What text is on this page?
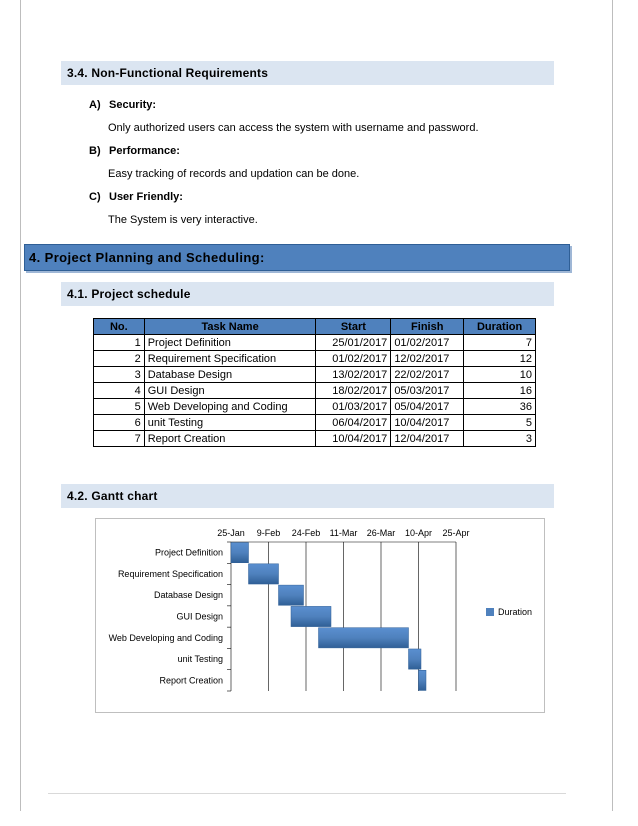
3.4. Non-Functional Requirements
A) Security:
Only authorized users can access the system with username and password.
B) Performance:
Easy tracking of records and updation can be done.
C) User Friendly:
The System is very interactive.
4. Project Planning and Scheduling:
4.1. Project schedule
No.	Task Name	Start	Finish	Duration
1	Project Definition	25/01/2017	01/02/2017	7
2	Requirement Specification	01/02/2017	12/02/2017	12
3	Database Design	13/02/2017	22/02/2017	10
4	GUI Design	18/02/2017	05/03/2017	16
5	Web Developing and Coding	01/03/2017	05/04/2017	36
6	unit Testing	06/04/2017	10/04/2017	5
7	Report Creation	10/04/2017	12/04/2017	3
4.2. Gantt chart
25-Jan 9-Feb 24-Feb 11-Mar 26-Mar 10-Apr 25-Apr
Project Definition
Requirement Specification
Database Design
GUI Design
Web Developing and Coding
unit Testing
Report Creation
Duration
